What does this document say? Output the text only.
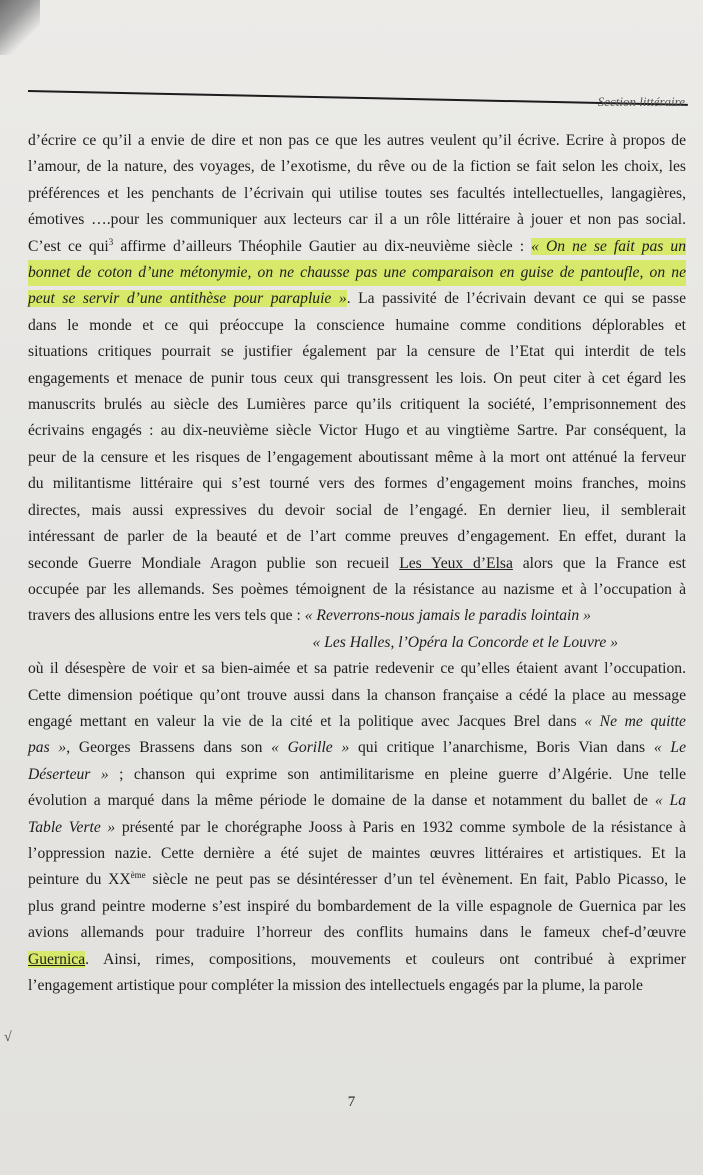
Section littéraire
d’écrire ce qu’il a envie de dire et non pas ce que les autres veulent qu’il écrive. Ecrire à propos de
l’amour, de la nature, des voyages, de l’exotisme, du rêve ou de la fiction se fait selon les choix, les
préférences et les penchants de l’écrivain qui utilise toutes ses facultés intellectuelles, langagières,
émotives ….pour les communiquer aux lecteurs car il a un rôle littéraire à jouer et non pas social.
C’est ce qui$^3$ affirme d’ailleurs Théophile Gautier au dix-neuvième siècle : « On ne se fait pas un
bonnet de coton d’une métonymie, on ne chausse pas une comparaison en guise de pantoufle, on ne
peut se servir d’une antithèse pour parapluie ». La passivité de l’écrivain devant ce qui se passe
dans le monde et ce qui préoccupe la conscience humaine comme conditions déplorables et
situations critiques pourrait se justifier également par la censure de l’Etat qui interdit de tels
engagements et menace de punir tous ceux qui transgressent les lois. On peut citer à cet égard les
manuscrits brulés au siècle des Lumières parce qu’ils critiquent la société, l’emprisonnement des
écrivains engagés : au dix-neuvième siècle Victor Hugo et au vingtième Sartre. Par conséquent, la
peur de la censure et les risques de l’engagement aboutissant même à la mort ont atténué la ferveur
du militantisme littéraire qui s’est tourné vers des formes d’engagement moins franches, moins
directes, mais aussi expressives du devoir social de l’engagé. En dernier lieu, il semblerait
intéressant de parler de la beauté et de l’art comme preuves d’engagement. En effet, durant la
seconde Guerre Mondiale Aragon publie son recueil Les Yeux d’Elsa alors que la France est
occupée par les allemands. Ses poèmes témoignent de la résistance au nazisme et à l’occupation à
travers des allusions entre les vers tels que : « Reverrons-nous jamais le paradis lointain »
« Les Halles, l’Opéra la Concorde et le Louvre »
où il désespère de voir et sa bien-aimée et sa patrie redevenir ce qu’elles étaient avant l’occupation.
Cette dimension poétique qu’ont trouve aussi dans la chanson française a cédé la place au message
engagé mettant en valeur la vie de la cité et la politique avec Jacques Brel dans « Ne me quitte
pas », Georges Brassens dans son « Gorille » qui critique l’anarchisme, Boris Vian dans « Le
Déserteur » ; chanson qui exprime son antimilitarisme en pleine guerre d’Algérie. Une telle
évolution a marqué dans la même période le domaine de la danse et notamment du ballet de « La
Table Verte » présenté par le chorégraphe Jooss à Paris en 1932 comme symbole de la résistance à
l’oppression nazie. Cette dernière a été sujet de maintes œuvres littéraires et artistiques. Et la
peinture du XXème siècle ne peut pas se désintéresser d’un tel évènement. En fait, Pablo Picasso, le
plus grand peintre moderne s’est inspiré du bombardement de la ville espagnole de Guernica par les
avions allemands pour traduire l’horreur des conflits humains dans le fameux chef-d’œuvre
Guernica. Ainsi, rimes, compositions, mouvements et couleurs ont contribué à exprimer
l’engagement artistique pour compléter la mission des intellectuels engagés par la plume, la parole
√
7
